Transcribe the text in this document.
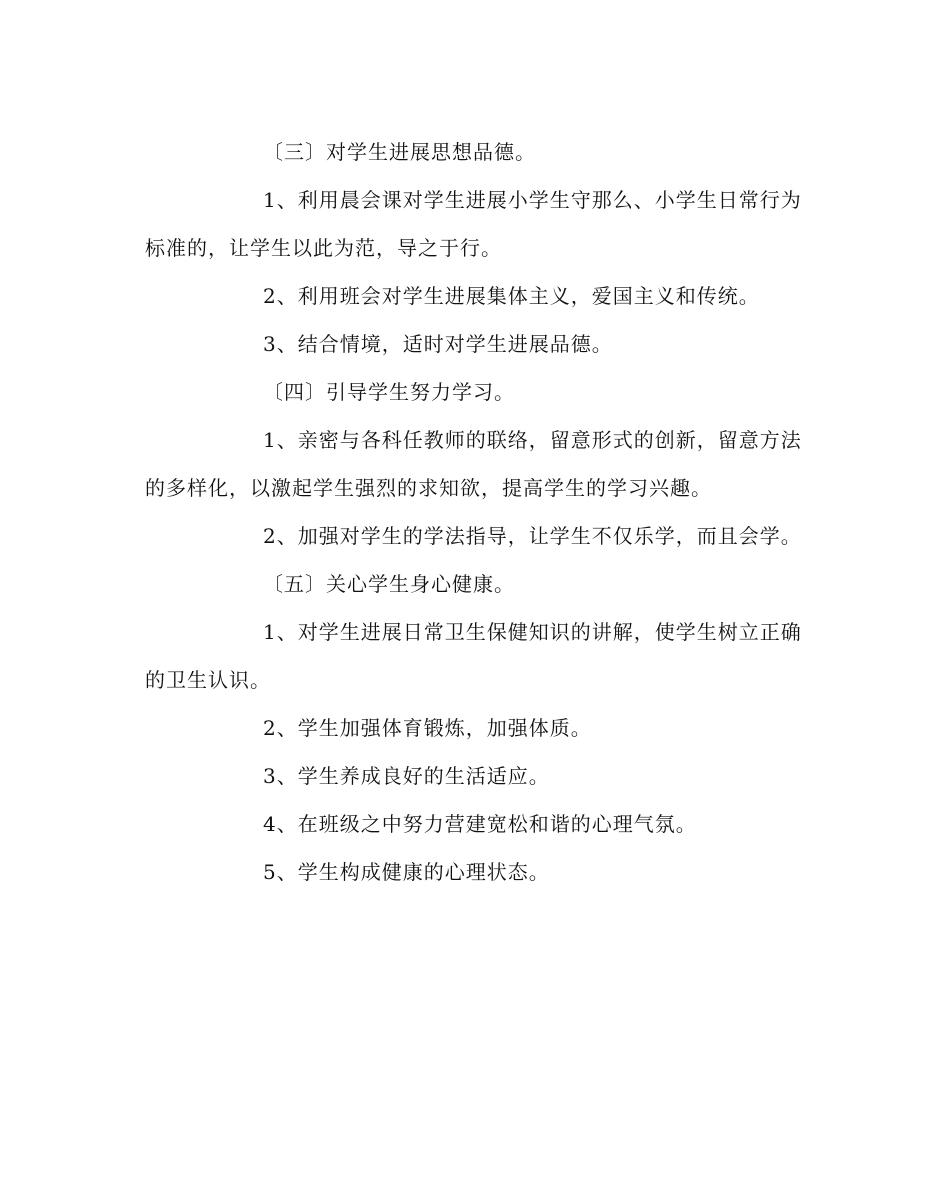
〔三〕对学生进展思想品德。

1、利用晨会课对学生进展小学生守那么、小学生日常行为标准的，让学生以此为范，导之于行。

2、利用班会对学生进展集体主义，爱国主义和传统。

3、结合情境，适时对学生进展品德。

〔四〕引导学生努力学习。

1、亲密与各科任教师的联络，留意形式的创新，留意方法的多样化，以激起学生强烈的求知欲，提高学生的学习兴趣。

2、加强对学生的学法指导，让学生不仅乐学，而且会学。

〔五〕关心学生身心健康。

1、对学生进展日常卫生保健知识的讲解，使学生树立正确的卫生认识。

2、学生加强体育锻炼，加强体质。

3、学生养成良好的生活适应。

4、在班级之中努力营建宽松和谐的心理气氛。

5、学生构成健康的心理状态。
